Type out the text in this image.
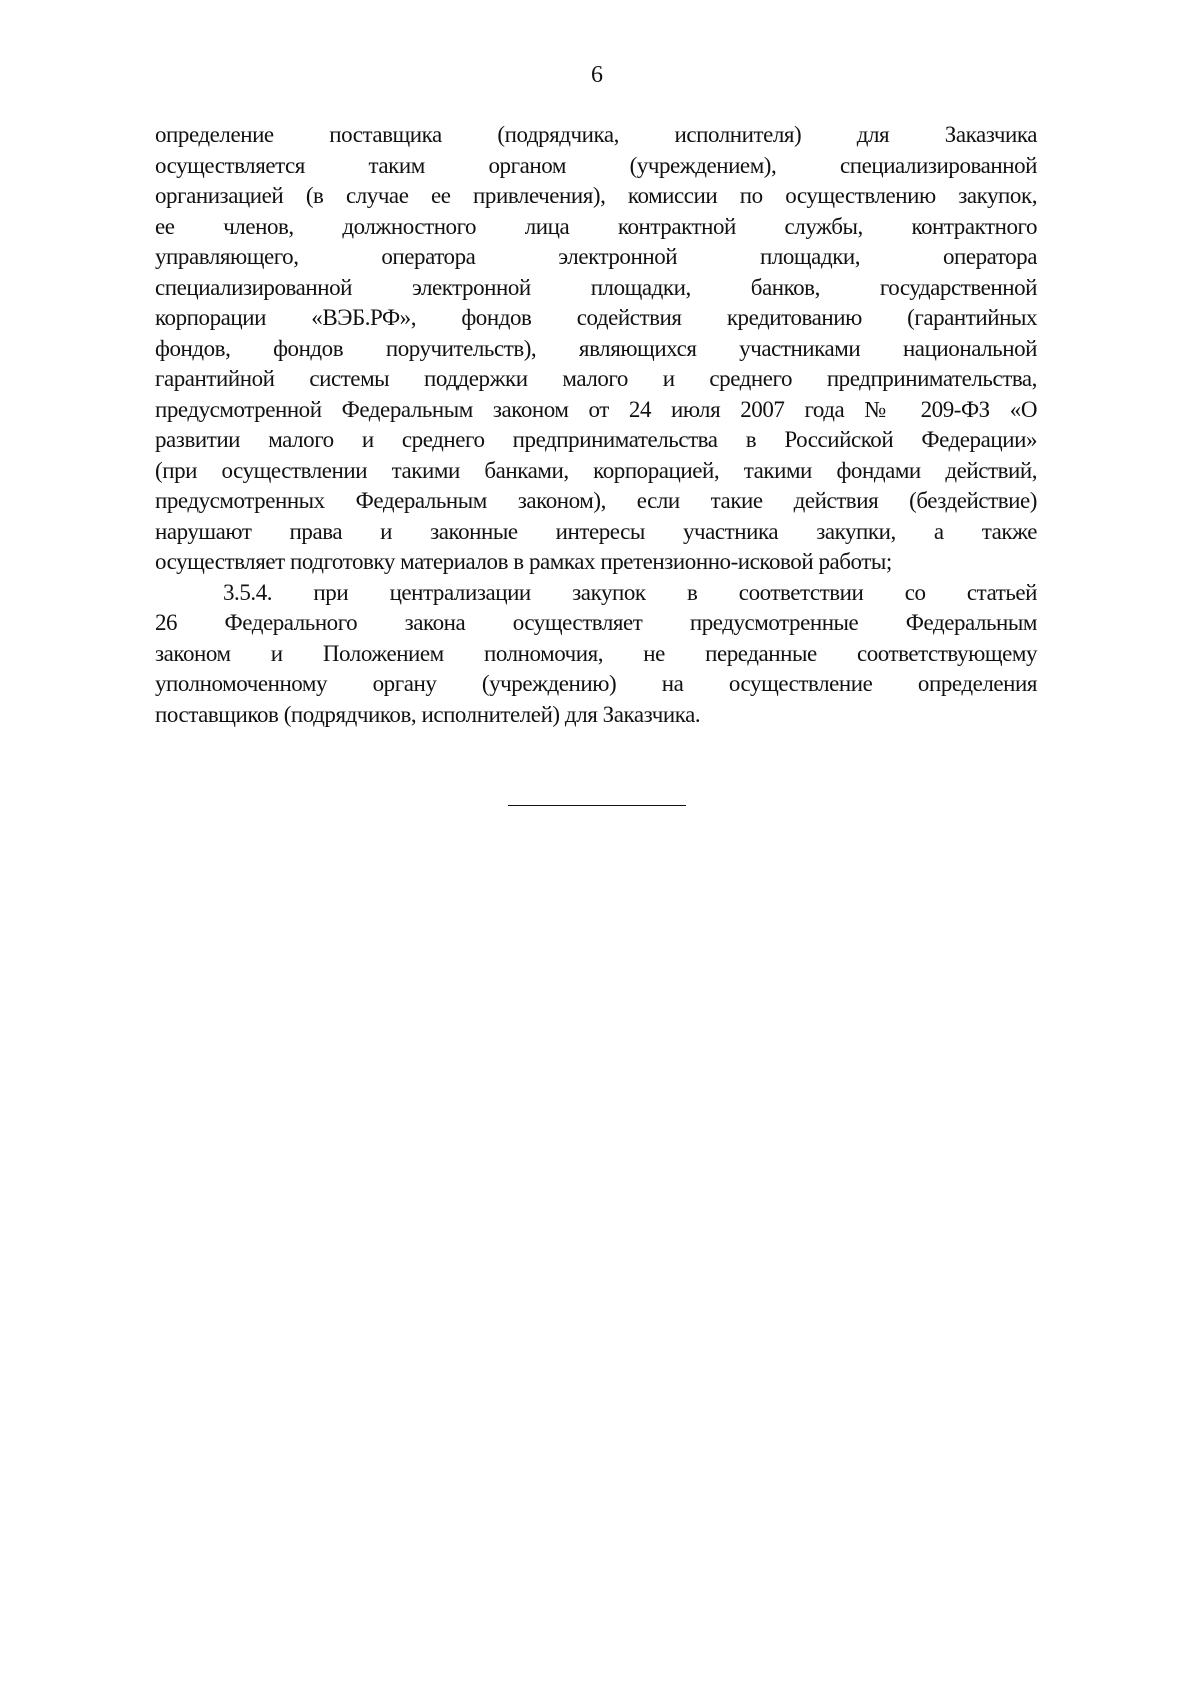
6
определение поставщика (подрядчика, исполнителя) для Заказчика
осуществляется таким органом (учреждением), специализированной
организацией (в случае ее привлечения), комиссии по осуществлению закупок,
ее членов, должностного лица контрактной службы, контрактного
управляющего, оператора электронной площадки, оператора
специализированной электронной площадки, банков, государственной
корпорации «ВЭБ.РФ», фондов содействия кредитованию (гарантийных
фондов, фондов поручительств), являющихся участниками национальной
гарантийной системы поддержки малого и среднего предпринимательства,
предусмотренной Федеральным законом от 24 июля 2007 года № 209-ФЗ «О
развитии малого и среднего предпринимательства в Российской Федерации»
(при осуществлении такими банками, корпорацией, такими фондами действий,
предусмотренных Федеральным законом), если такие действия (бездействие)
нарушают права и законные интересы участника закупки, а также
осуществляет подготовку материалов в рамках претензионно-исковой работы;
3.5.4. при централизации закупок в соответствии со статьей
26 Федерального закона осуществляет предусмотренные Федеральным
законом и Положением полномочия, не переданные соответствующему
уполномоченному органу (учреждению) на осуществление определения
поставщиков (подрядчиков, исполнителей) для Заказчика.
